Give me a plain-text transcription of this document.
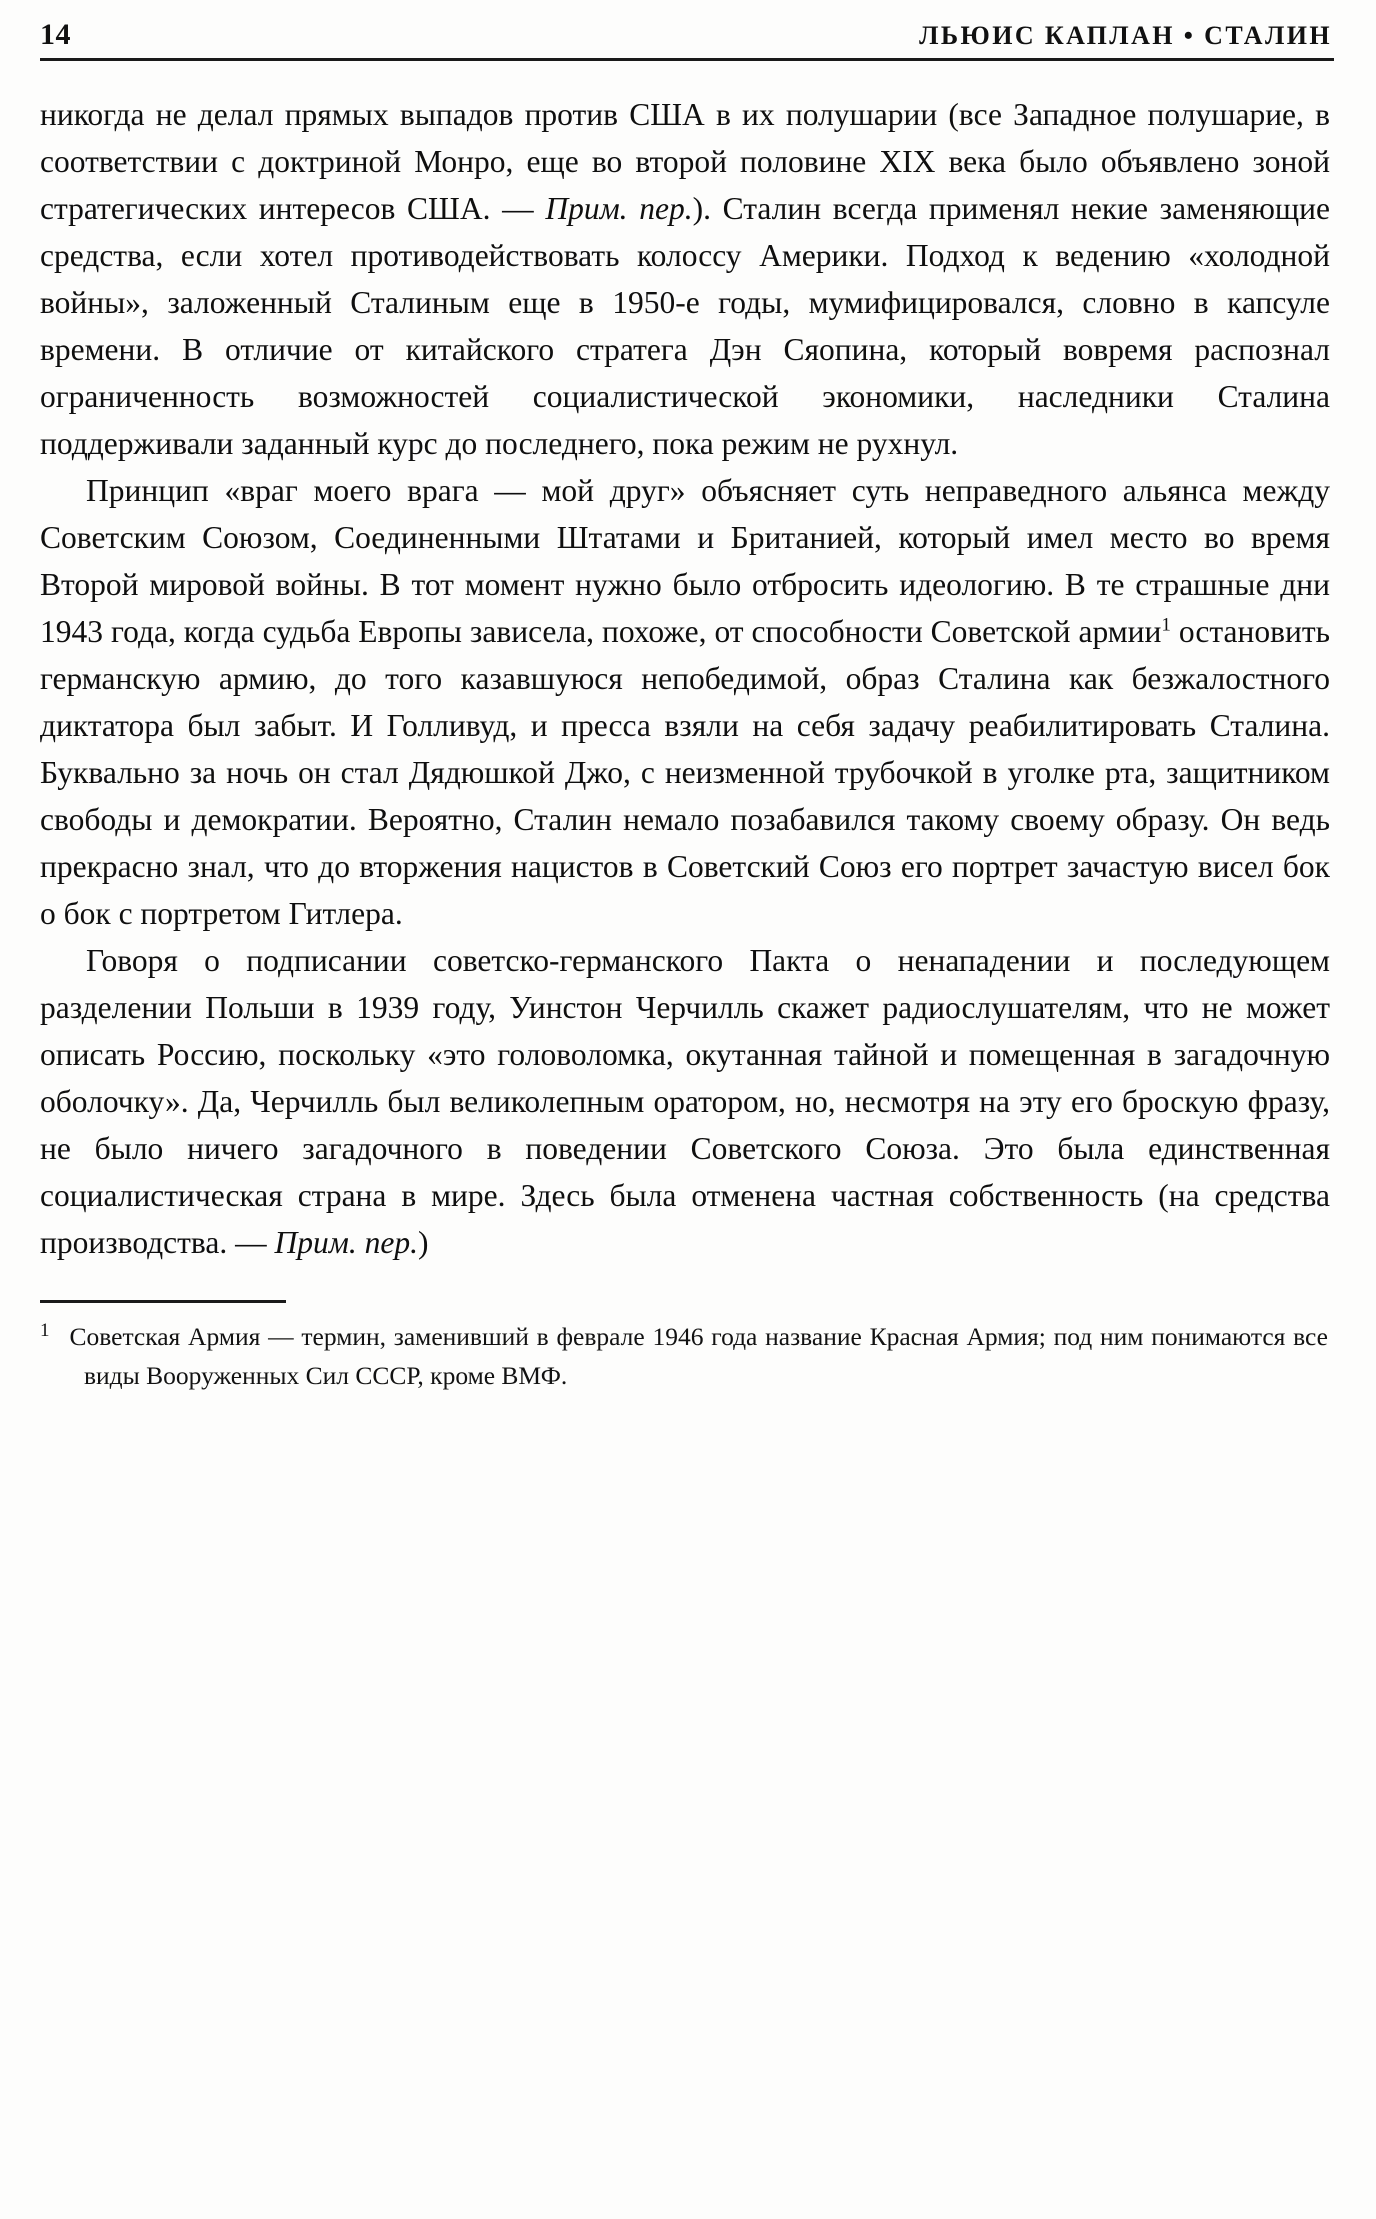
14	ЛЬЮИС КАПЛАН • СТАЛИН

никогда не делал прямых выпадов против США в их полушарии (все Западное полушарие, в соответствии с доктриной Монро, еще во второй половине XIX века было объявлено зоной стратегических интересов США. — Прим. пер.). Сталин всегда применял некие заменяющие средства, если хотел противодействовать колоссу Америки. Подход к ведению «холодной войны», заложенный Сталиным еще в 1950-е годы, мумифицировался, словно в капсуле времени. В отличие от китайского стратега Дэн Сяопина, который вовремя распознал ограниченность возможностей социалистической экономики, наследники Сталина поддерживали заданный курс до последнего, пока режим не рухнул.

Принцип «враг моего врага — мой друг» объясняет суть неправедного альянса между Советским Союзом, Соединенными Штатами и Британией, который имел место во время Второй мировой войны. В тот момент нужно было отбросить идеологию. В те страшные дни 1943 года, когда судьба Европы зависела, похоже, от способности Советской армии$^1$ остановить германскую армию, до того казавшуюся непобедимой, образ Сталина как безжалостного диктатора был забыт. И Голливуд, и пресса взяли на себя задачу реабилитировать Сталина. Буквально за ночь он стал Дядюшкой Джо, с неизменной трубочкой в уголке рта, защитником свободы и демократии. Вероятно, Сталин немало позабавился такому своему образу. Он ведь прекрасно знал, что до вторжения нацистов в Советский Союз его портрет зачастую висел бок о бок с портретом Гитлера.

Говоря о подписании советско-германского Пакта о ненападении и последующем разделении Польши в 1939 году, Уинстон Черчилль скажет радиослушателям, что не может описать Россию, поскольку «это головоломка, окутанная тайной и помещенная в загадочную оболочку». Да, Черчилль был великолепным оратором, но, несмотря на эту его броскую фразу, не было ничего загадочного в поведении Советского Союза. Это была единственная социалистическая страна в мире. Здесь была отменена частная собственность (на средства производства. — Прим. пер.)

$^1$ Советская Армия — термин, заменивший в феврале 1946 года название Красная Армия; под ним понимаются все виды Вооруженных Сил СССР, кроме ВМФ.
